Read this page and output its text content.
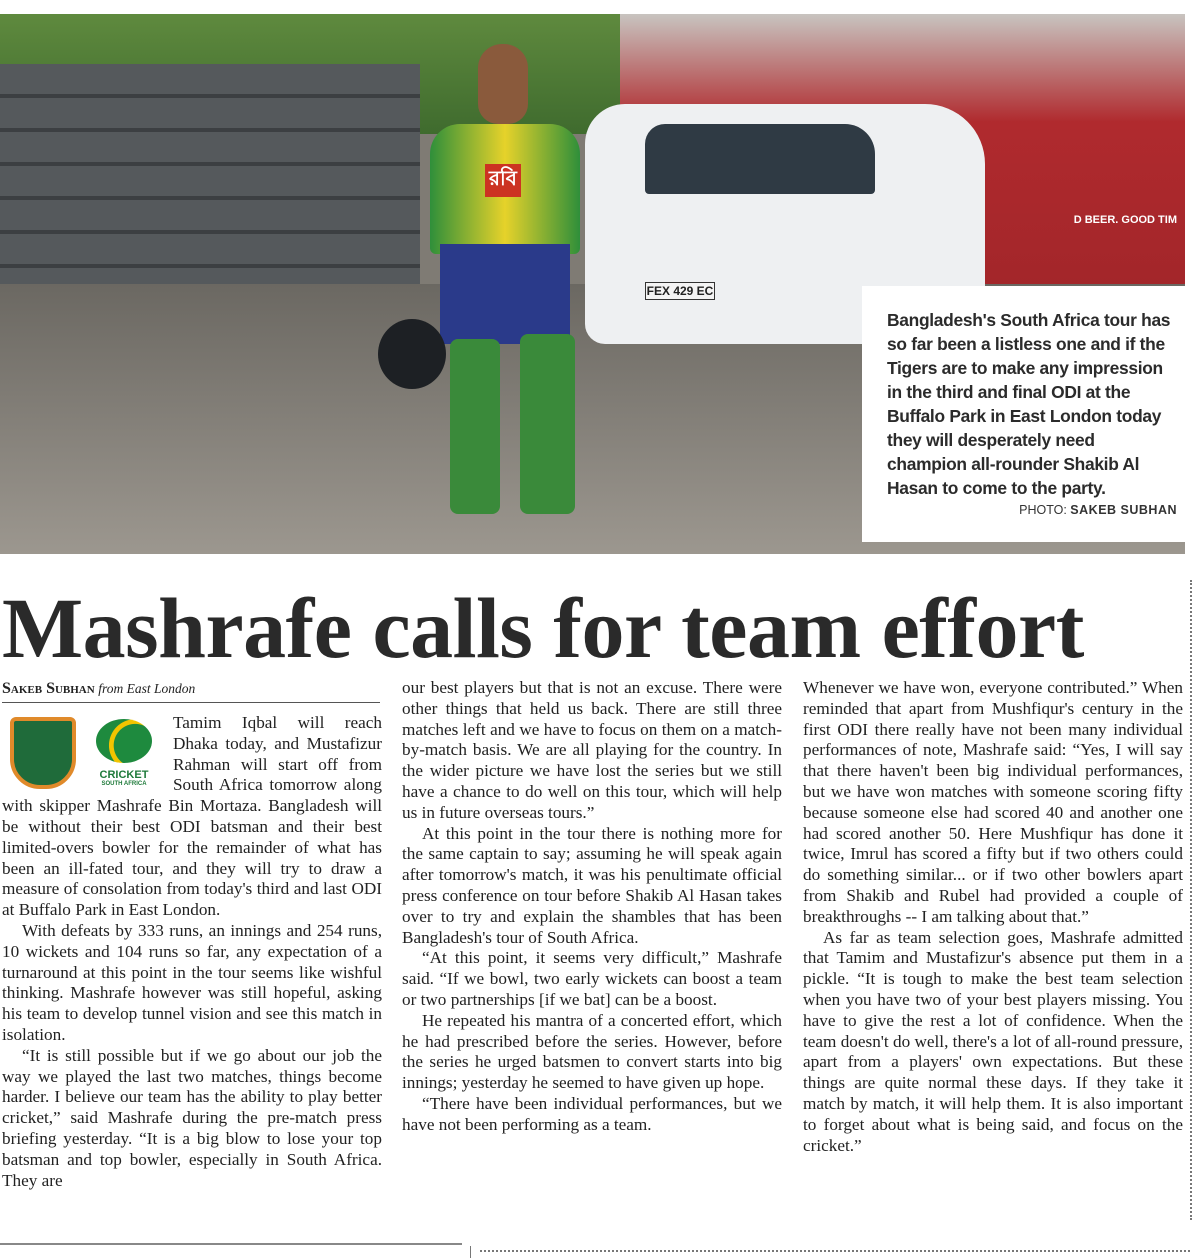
D BEER. GOOD TIM
FEX 429 EC
রবি

Bangladesh's South Africa tour has so far been a listless one and if the Tigers are to make any impression in the third and final ODI at the Buffalo Park in East London today they will desperately need champion all-rounder Shakib Al Hasan to come to the party.

PHOTO: SAKEB SUBHAN
Mashrafe calls for team effort
Sakeb Subhan from East London
CRICKET
SOUTH AFRICA

Tamim Iqbal will reach Dhaka today, and Mustafizur Rahman will start off from South Africa tomorrow along with skipper Mashrafe Bin Mortaza. Bangladesh will be without their best ODI batsman and their best limited-overs bowler for the remainder of what has been an ill-fated tour, and they will try to draw a measure of consolation from today's third and last ODI at Buffalo Park in East London.

With defeats by 333 runs, an innings and 254 runs, 10 wickets and 104 runs so far, any expectation of a turnaround at this point in the tour seems like wishful thinking. Mashrafe however was still hopeful, asking his team to develop tunnel vision and see this match in isolation.

“It is still possible but if we go about our job the way we played the last two matches, things become harder. I believe our team has the ability to play better cricket,” said Mashrafe during the pre-match press briefing yesterday. “It is a big blow to lose your top batsman and top bowler, especially in South Africa. They are

our best players but that is not an excuse. There were other things that held us back. There are still three matches left and we have to focus on them on a match-by-match basis. We are all playing for the country. In the wider picture we have lost the series but we still have a chance to do well on this tour, which will help us in future overseas tours.”

At this point in the tour there is nothing more for the same captain to say; assuming he will speak again after tomorrow's match, it was his penultimate official press conference on tour before Shakib Al Hasan takes over to try and explain the shambles that has been Bangladesh's tour of South Africa.

“At this point, it seems very difficult,” Mashrafe said. “If we bowl, two early wickets can boost a team or two partnerships [if we bat] can be a boost.

He repeated his mantra of a concerted effort, which he had prescribed before the series. However, before the series he urged batsmen to convert starts into big innings; yesterday he seemed to have given up hope.

“There have been individual performances, but we have not been performing as a team.

Whenever we have won, everyone contributed.” When reminded that apart from Mushfiqur's century in the first ODI there really have not been many individual performances of note, Mashrafe said: “Yes, I will say that there haven't been big individual performances, but we have won matches with someone scoring fifty because someone else had scored 40 and another one had scored another 50. Here Mushfiqur has done it twice, Imrul has scored a fifty but if two others could do something similar... or if two other bowlers apart from Shakib and Rubel had provided a couple of breakthroughs -- I am talking about that.”

As far as team selection goes, Mashrafe admitted that Tamim and Mustafizur's absence put them in a pickle. “It is tough to make the best team selection when you have two of your best players missing. You have to give the rest a lot of confidence. When the team doesn't do well, there's a lot of all-round pressure, apart from a players' own expectations. But these things are quite normal these days. If they take it match by match, it will help them. It is also important to forget about what is being said, and focus on the cricket.”
